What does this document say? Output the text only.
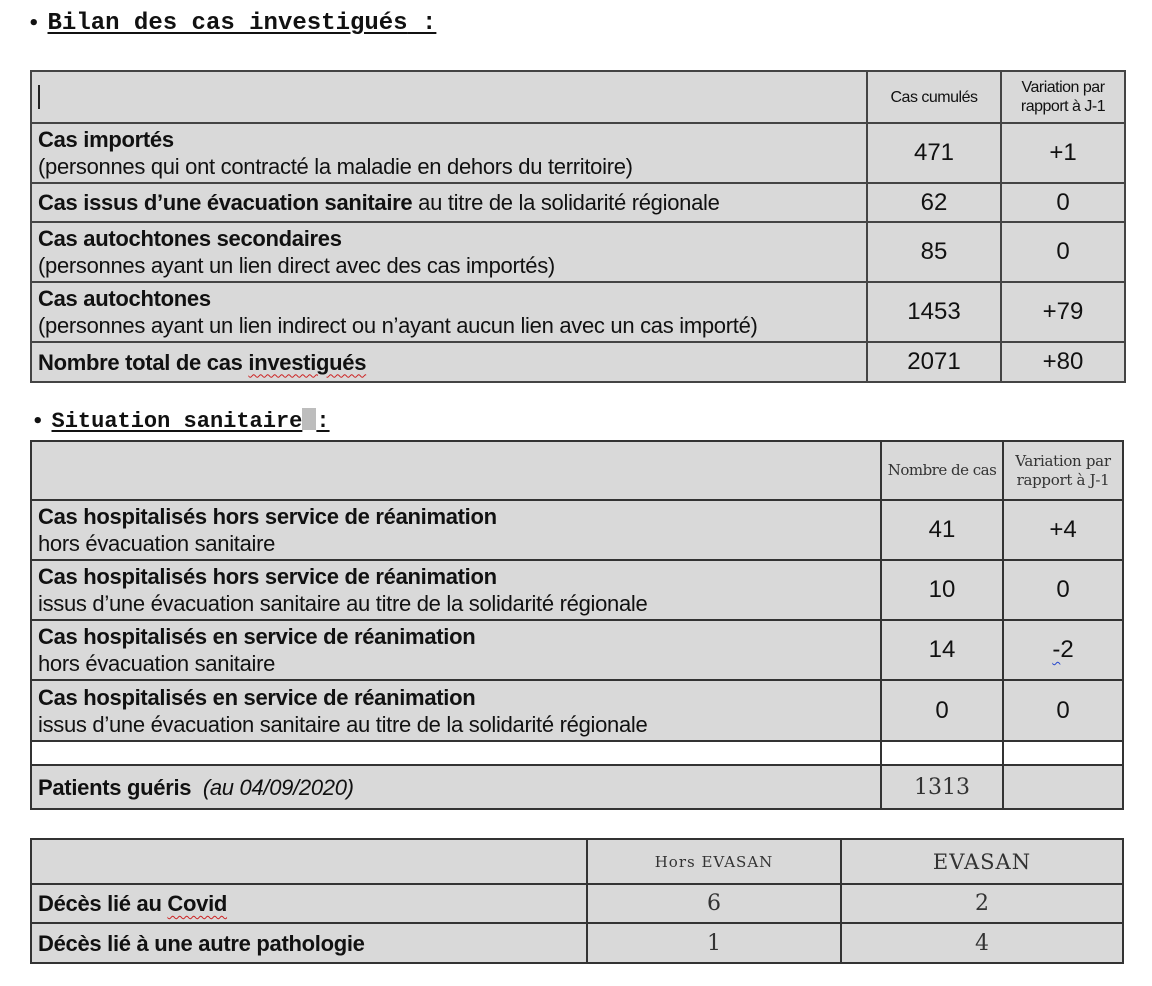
• Bilan des cas investigués :
	Cas cumulés	Variation par
rapport à J-1
Cas importés
(personnes qui ont contracté la maladie en dehors du territoire)	471	+1
Cas issus d’une évacuation sanitaire au titre de la solidarité régionale	62	0
Cas autochtones secondaires
(personnes ayant un lien direct avec des cas importés)	85	0
Cas autochtones
(personnes ayant un lien indirect ou n’ayant aucun lien avec un cas importé)	1453	+79
Nombre total de cas investigués	2071	+80
• Situation sanitaire :
	Nombre de cas	Variation par
rapport à J-1
Cas hospitalisés hors service de réanimation
hors évacuation sanitaire	41	+4
Cas hospitalisés hors service de réanimation
issus d’une évacuation sanitaire au titre de la solidarité régionale	10	0
Cas hospitalisés en service de réanimation
hors évacuation sanitaire	14	-2
Cas hospitalisés en service de réanimation
issus d’une évacuation sanitaire au titre de la solidarité régionale	0	0

Patients guéris (au 04/09/2020)	1313	
	Hors EVASAN	EVASAN
Décès lié au Covid	6	2
Décès lié à une autre pathologie	1	4
